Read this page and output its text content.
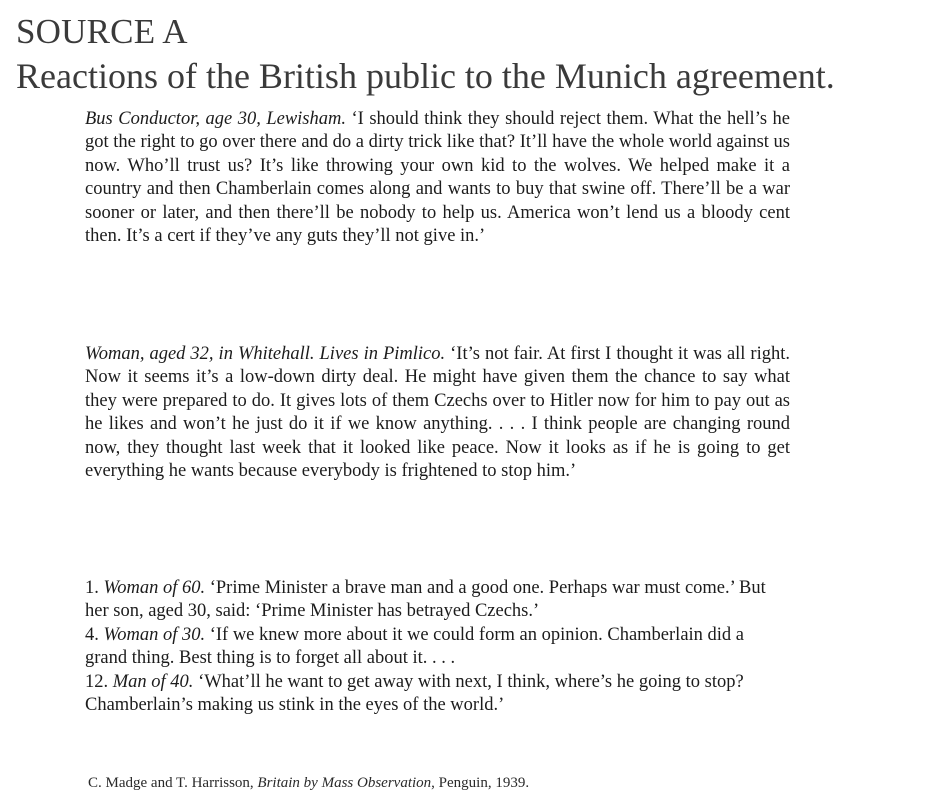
SOURCE A
Reactions of the British public to the Munich agreement.

Bus Conductor, age 30, Lewisham. ‘I should think they should reject them. What the hell’s he got the right to go over there and do a dirty trick like that? It’ll have the whole world against us now. Who’ll trust us? It’s like throwing your own kid to the wolves. We helped make it a country and then Chamberlain comes along and wants to buy that swine off. There’ll be a war sooner or later, and then there’ll be nobody to help us. America won’t lend us a bloody cent then. It’s a cert if they’ve any guts they’ll not give in.’

Woman, aged 32, in Whitehall. Lives in Pimlico. ‘It’s not fair. At first I thought it was all right. Now it seems it’s a low-down dirty deal. He might have given them the chance to say what they were prepared to do. It gives lots of them Czechs over to Hitler now for him to pay out as he likes and won’t he just do it if we know anything. . . . I think people are changing round now, they thought last week that it looked like peace. Now it looks as if he is going to get everything he wants because everybody is frightened to stop him.’

1. Woman of 60. ‘Prime Minister a brave man and a good one. Perhaps war must come.’ But her son, aged 30, said: ‘Prime Minister has betrayed Czechs.’

4. Woman of 30. ‘If we knew more about it we could form an opinion. Chamberlain did a grand thing. Best thing is to forget all about it. . . .

12. Man of 40. ‘What’ll he want to get away with next, I think, where’s he going to stop? Chamberlain’s making us stink in the eyes of the world.’

C. Madge and T. Harrisson, Britain by Mass Observation, Penguin, 1939.
